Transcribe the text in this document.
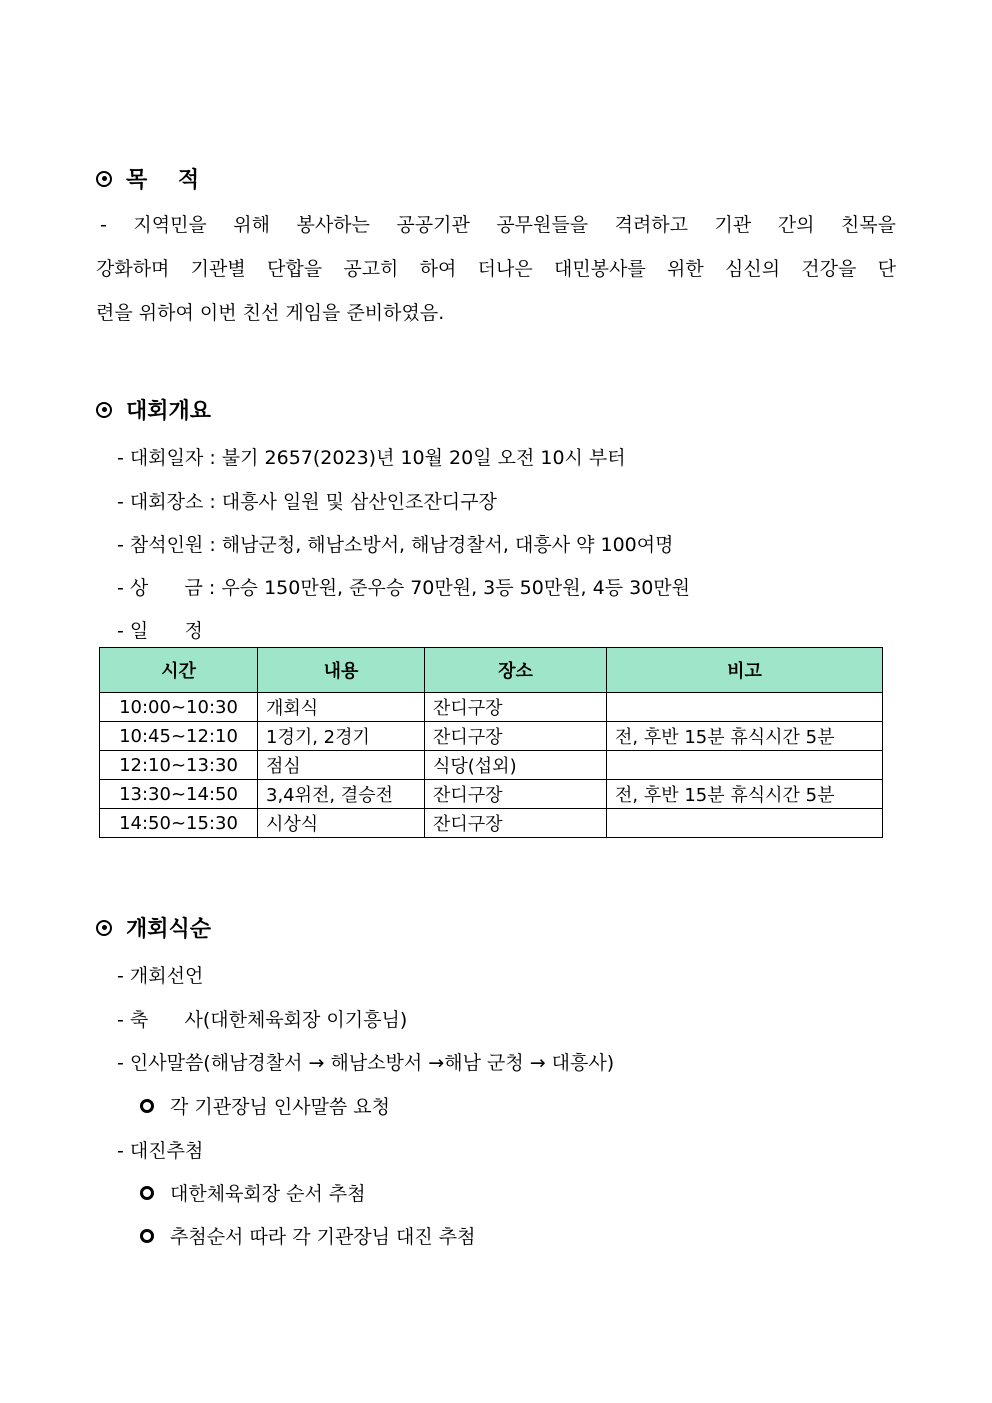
목    적
- 지역민을 위해 봉사하는 공공기관 공무원들을 격려하고 기관 간의 친목을
강화하며 기관별 단합을 공고히 하여 더나은 대민봉사를 위한 심신의 건강을 단
련을 위하여 이번 친선 게임을 준비하였음.
대회개요
- 대회일자 : 불기 2657(2023)년 10월 20일 오전 10시 부터
- 대회장소 : 대흥사 일원 및 삼산인조잔디구장
- 참석인원 : 해남군청, 해남소방서, 해남경찰서, 대흥사 약 100여명
- 상      금 : 우승 150만원, 준우승 70만원, 3등 50만원, 4등 30만원
- 일      정
시간	내용	장소	비고
10:00~10:30	개회식	잔디구장	
10:45~12:10	1경기, 2경기	잔디구장	전, 후반 15분 휴식시간 5분
12:10~13:30	점심	식당(섭외)	
13:30~14:50	3,4위전, 결승전	잔디구장	전, 후반 15분 휴식시간 5분
14:50~15:30	시상식	잔디구장	
개회식순
- 개회선언
- 축      사(대한체육회장 이기흥님)
- 인사말씀(해남경찰서 → 해남소방서 →해남 군청 → 대흥사)
각 기관장님 인사말씀 요청
- 대진추첨
대한체육회장 순서 추첨
추첨순서 따라 각 기관장님 대진 추첨
